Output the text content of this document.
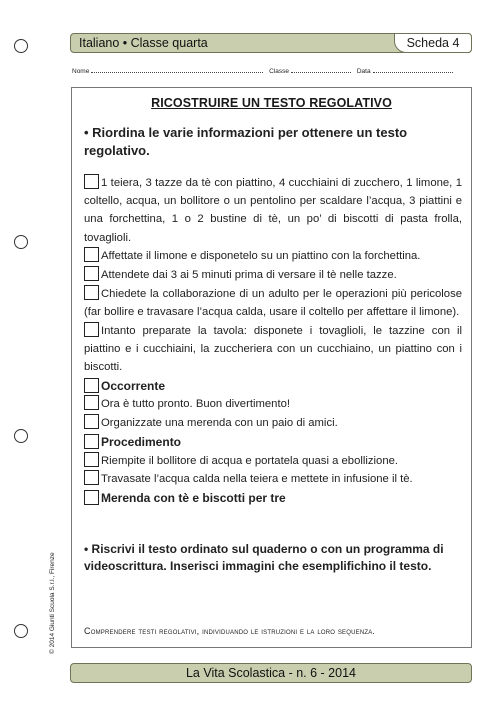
Italiano • Classe quarta	Scheda 4
Nome	Classe	Data
RICOSTRUIRE UN TESTO REGOLATIVO
• Riordina le varie informazioni per ottenere un testo regolativo.
1 teiera, 3 tazze da tè con piattino, 4 cucchiaini di zucchero, 1 limone, 1 coltello, acqua, un bollitore o un pentolino per scaldare l’acqua, 3 piattini e una forchettina, 1 o 2 bustine di tè, un po’ di biscotti di pasta frolla, tovaglioli.
Affettate il limone e disponetelo su un piattino con la forchettina.
Attendete dai 3 ai 5 minuti prima di versare il tè nelle tazze.
Chiedete la collaborazione di un adulto per le operazioni più pericolose (far bollire e travasare l’acqua calda, usare il coltello per affettare il limone).
Intanto preparate la tavola: disponete i tovaglioli, le tazzine con il piattino e i cucchiaini, la zuccheriera con un cucchiaino, un piattino con i biscotti.
Occorrente
Ora è tutto pronto. Buon divertimento!
Organizzate una merenda con un paio di amici.
Procedimento
Riempite il bollitore di acqua e portatela quasi a ebollizione.
Travasate l’acqua calda nella teiera e mettete in infusione il tè.
Merenda con tè e biscotti per tre
• Riscrivi il testo ordinato sul quaderno o con un programma di videoscrittura. Inserisci immagini che esemplifichino il testo.
Comprendere testi regolativi, individuando le istruzioni e la loro sequenza.
© 2014 Giunti Scuola S.r.l., Firenze
La Vita Scolastica - n. 6 - 2014
